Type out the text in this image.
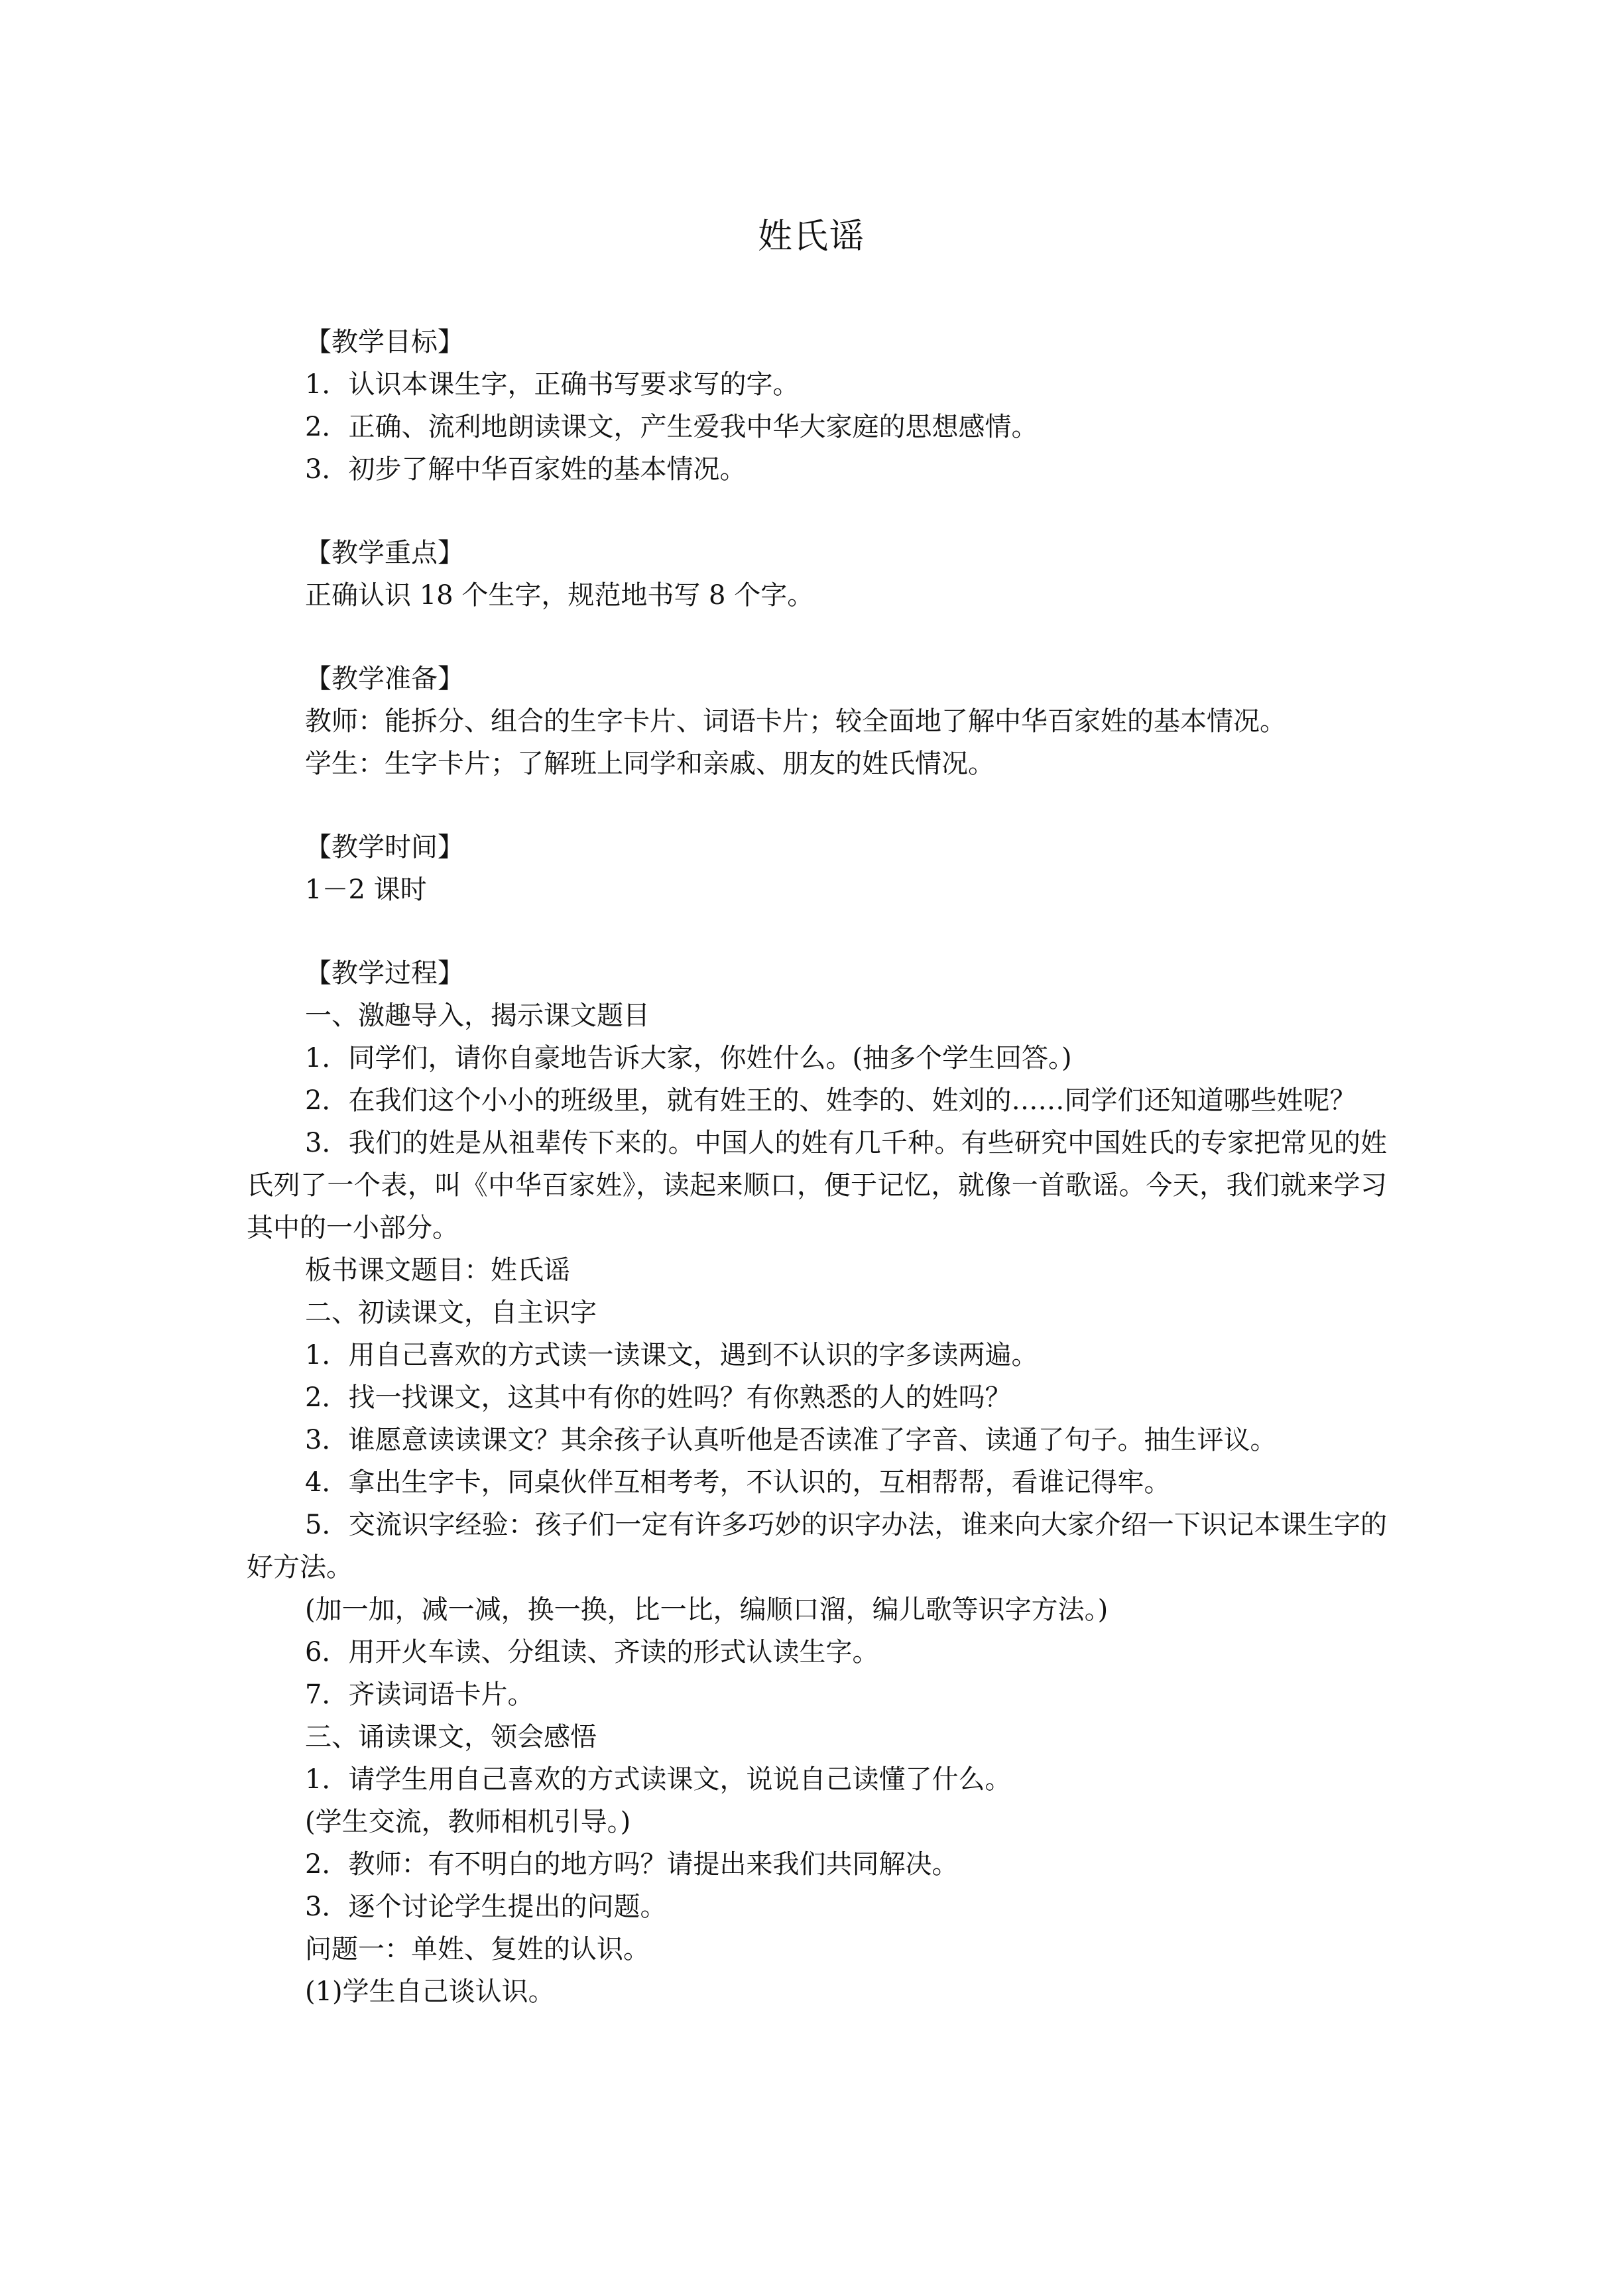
姓氏谣
【教学目标】
1．认识本课生字，正确书写要求写的字。
2．正确、流利地朗读课文，产生爱我中华大家庭的思想感情。
3．初步了解中华百家姓的基本情况。
【教学重点】
正确认识 18 个生字，规范地书写 8 个字。
【教学准备】
教师：能拆分、组合的生字卡片、词语卡片；较全面地了解中华百家姓的基本情况。
学生：生字卡片；了解班上同学和亲戚、朋友的姓氏情况。
【教学时间】
1－2 课时
【教学过程】
一、激趣导入，揭示课文题目
1．同学们，请你自豪地告诉大家，你姓什么。(抽多个学生回答。)
2．在我们这个小小的班级里，就有姓王的、姓李的、姓刘的……同学们还知道哪些姓呢？
3．我们的姓是从祖辈传下来的。中国人的姓有几千种。有些研究中国姓氏的专家把常见的姓氏列了一个表，叫《中华百家姓》，读起来顺口，便于记忆，就像一首歌谣。今天，我们就来学习其中的一小部分。
板书课文题目：姓氏谣
二、初读课文，自主识字
1．用自己喜欢的方式读一读课文，遇到不认识的字多读两遍。
2．找一找课文，这其中有你的姓吗？有你熟悉的人的姓吗？
3．谁愿意读读课文？其余孩子认真听他是否读准了字音、读通了句子。抽生评议。
4．拿出生字卡，同桌伙伴互相考考，不认识的，互相帮帮，看谁记得牢。
5．交流识字经验：孩子们一定有许多巧妙的识字办法，谁来向大家介绍一下识记本课生字的好方法。
(加一加，减一减，换一换，比一比，编顺口溜，编儿歌等识字方法。)
6．用开火车读、分组读、齐读的形式认读生字。
7．齐读词语卡片。
三、诵读课文，领会感悟
1．请学生用自己喜欢的方式读课文，说说自己读懂了什么。
(学生交流，教师相机引导。)
2．教师：有不明白的地方吗？请提出来我们共同解决。
3．逐个讨论学生提出的问题。
问题一：单姓、复姓的认识。
(1)学生自己谈认识。
